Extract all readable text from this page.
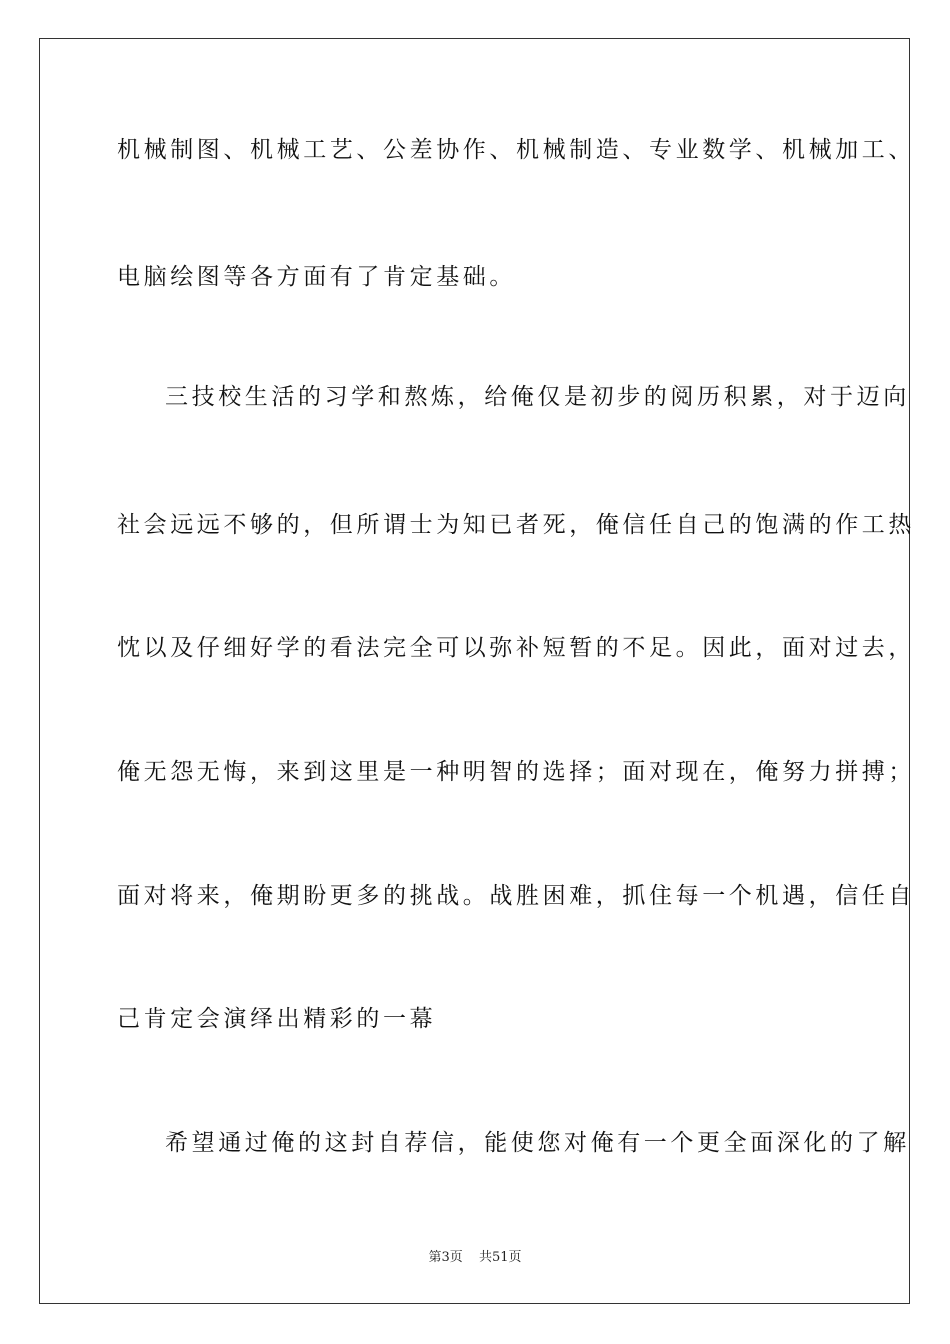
机械制图、机械工艺、公差协作、机械制造、专业数学、机械加工、
电脑绘图等各方面有了肯定基础。
三技校生活的习学和熬炼，给俺仅是初步的阅历积累，对于迈向
社会远远不够的，但所谓士为知已者死，俺信任自己的饱满的作工热
忱以及仔细好学的看法完全可以弥补短暂的不足。因此，面对过去，
俺无怨无悔，来到这里是一种明智的选择；面对现在，俺努力拼搏；
面对将来，俺期盼更多的挑战。战胜困难，抓住每一个机遇，信任自
己肯定会演绎出精彩的一幕
希望通过俺的这封自荐信，能使您对俺有一个更全面深化的了解
第3页 共51页
